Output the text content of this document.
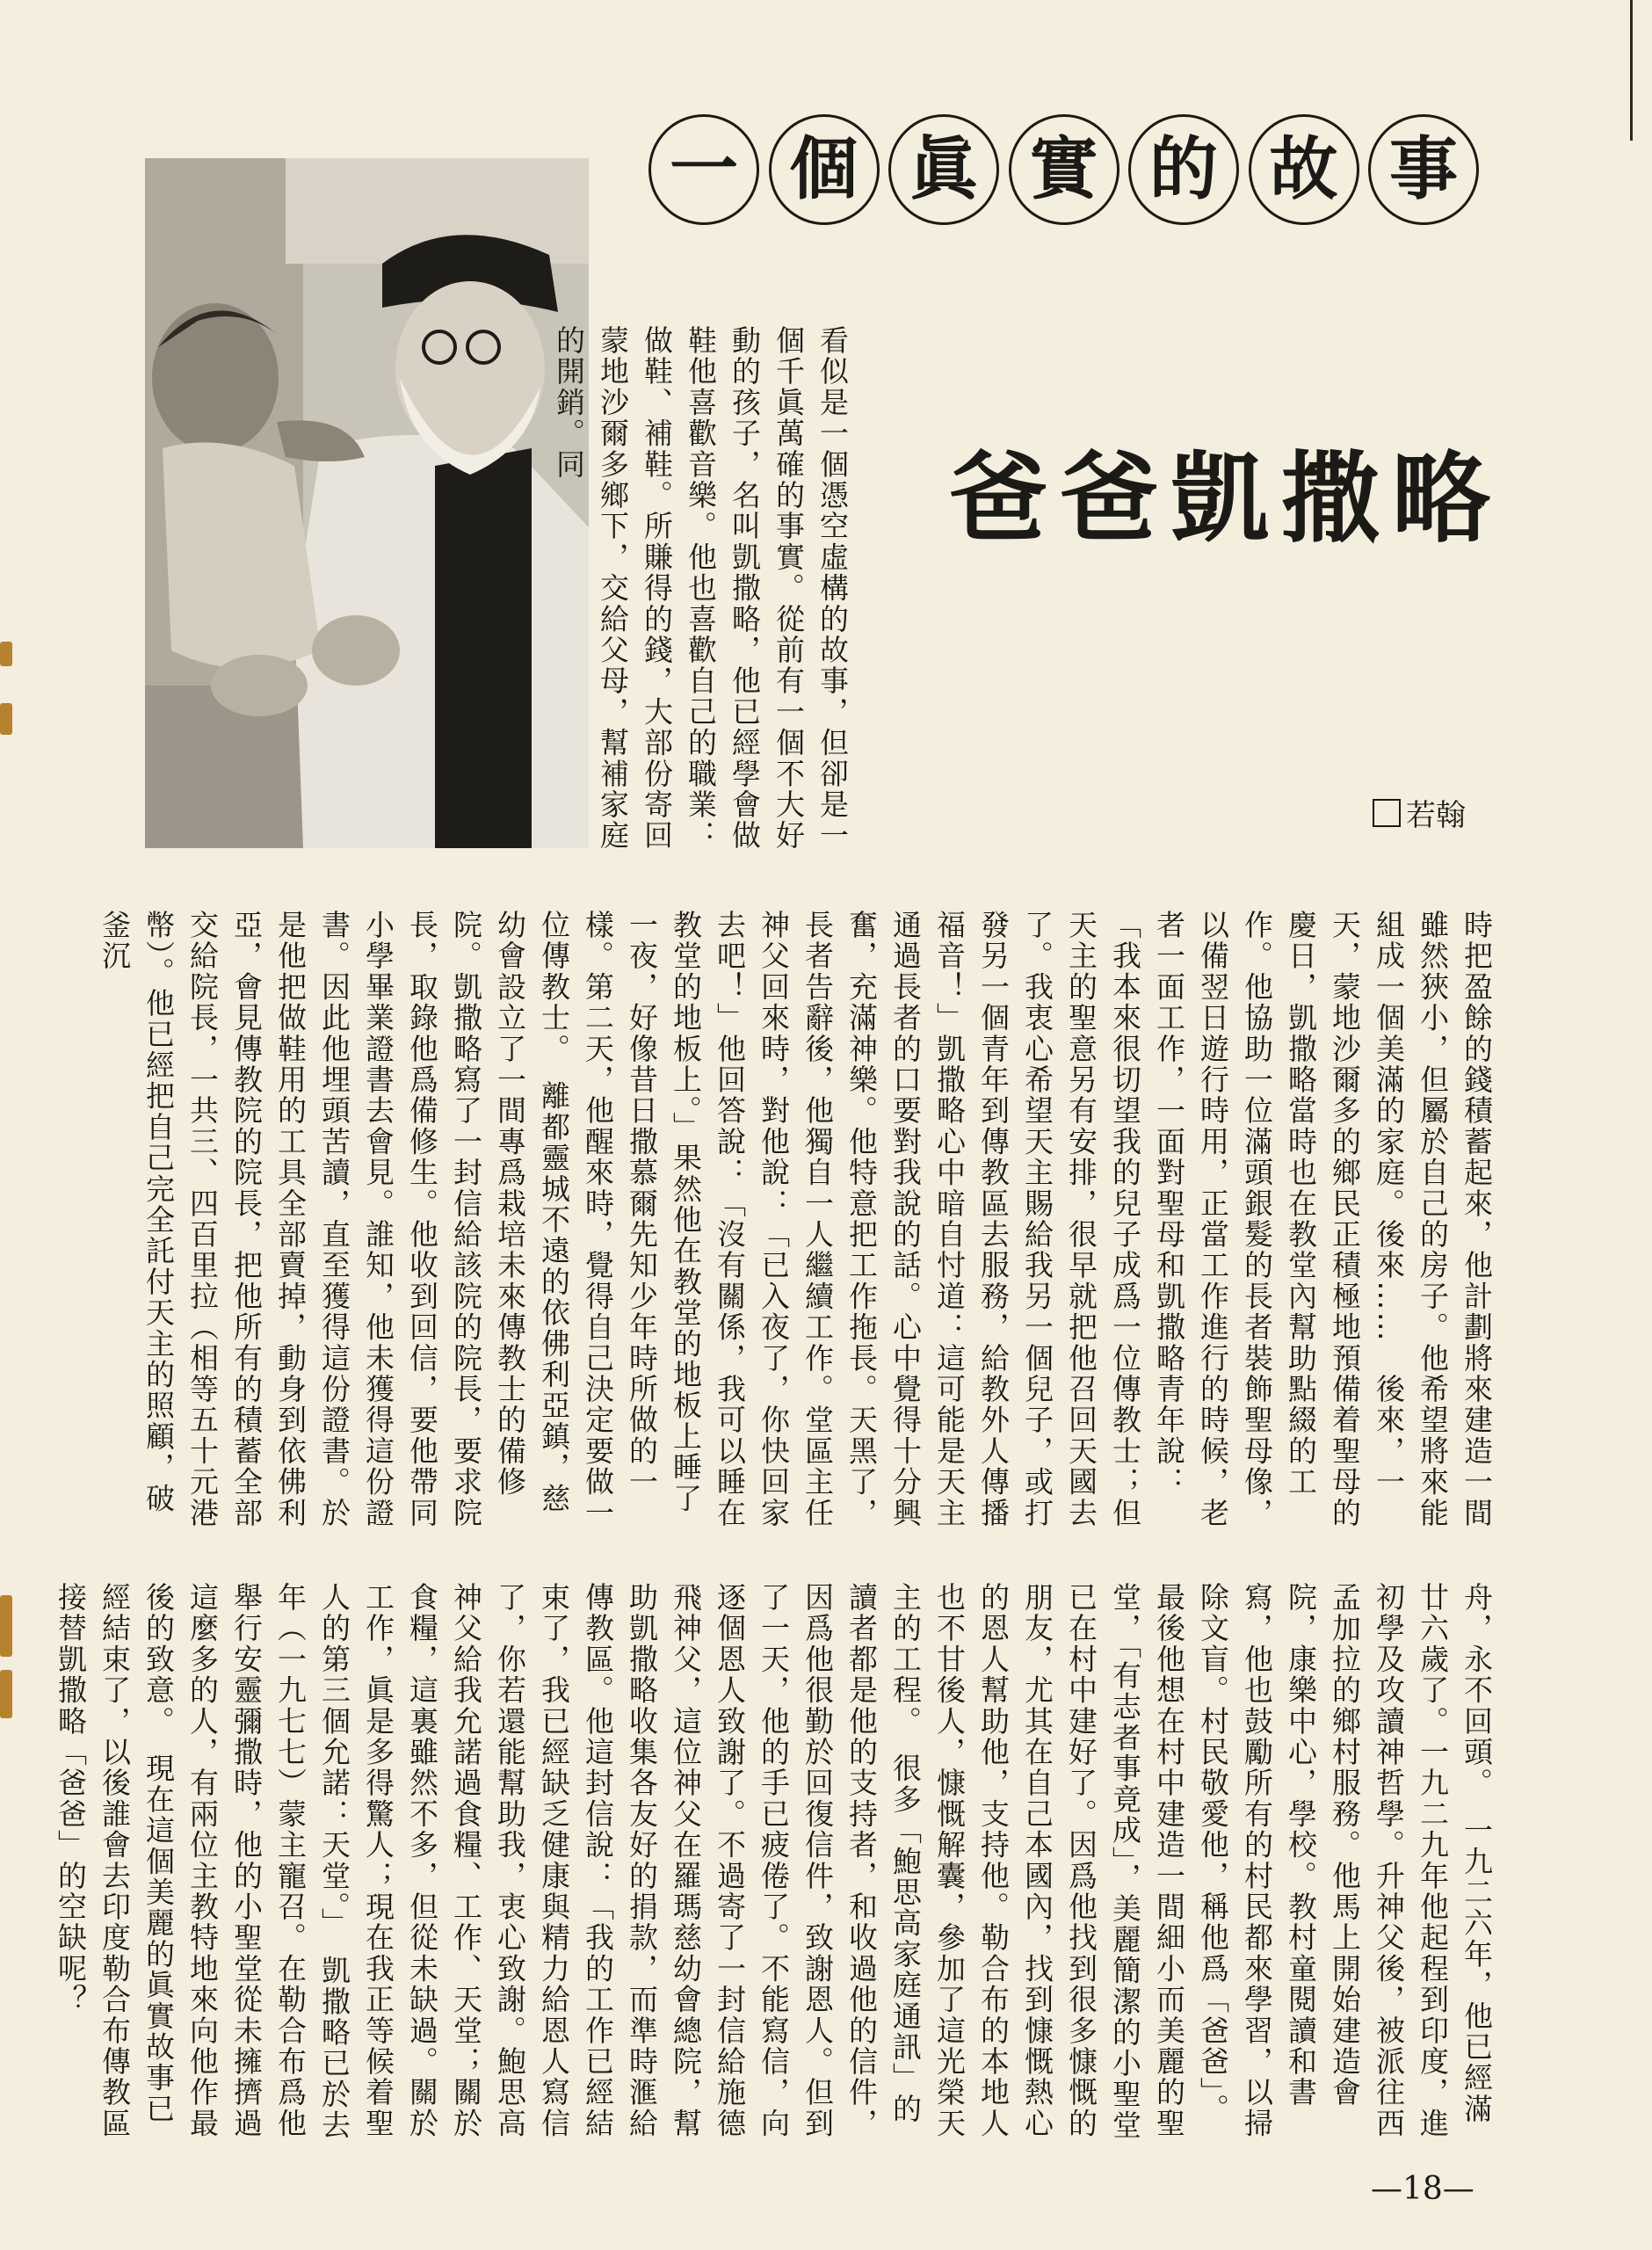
一 個 眞 實 的 故 事
爸爸凱撒略
若翰

看似是一個憑空虛構的故事，但卻是一個千眞萬確的事實。從前有一個不大好動的孩子，名叫凱撒略，他已經學會做鞋他喜歡音樂。他也喜歡自己的職業：做鞋、補鞋。所賺得的錢，大部份寄回蒙地沙爾多鄉下，交給父母，幫補家庭的開銷。同

時把盈餘的錢積蓄起來，他計劃將來建造一間雖然狹小，但屬於自己的房子。他希望將來能組成一個美滿的家庭。後來……　後來，一天，蒙地沙爾多的鄉民正積極地預備着聖母的慶日，凱撒略當時也在教堂內幫助點綴的工作。他協助一位滿頭銀髮的長者裝飾聖母像，以備翌日遊行時用，正當工作進行的時候，老者一面工作，一面對聖母和凱撒略青年說：「我本來很切望我的兒子成爲一位傳教士；但天主的聖意另有安排，很早就把他召回天國去了。我衷心希望天主賜給我另一個兒子，或打發另一個青年到傳教區去服務，給教外人傳播福音！」凱撒略心中暗自忖道：這可能是天主通過長者的口要對我說的話。心中覺得十分興奮，充滿神樂。他特意把工作拖長。天黑了，長者告辭後，他獨自一人繼續工作。堂區主任神父回來時，對他說：「已入夜了，你快回家去吧！」他回答說：「沒有關係，我可以睡在教堂的地板上。」果然他在教堂的地板上睡了一夜，好像昔日撒慕爾先知少年時所做的一樣。第二天，他醒來時，覺得自己決定要做一位傳教士。　離都靈城不遠的依佛利亞鎮，慈幼會設立了一間專爲栽培未來傳教士的備修院。凱撒略寫了一封信給該院的院長，要求院長，取錄他爲備修生。他收到回信，要他帶同小學畢業證書去會見。誰知，他未獲得這份證書。因此他埋頭苦讀，直至獲得這份證書。於是他把做鞋用的工具全部賣掉，動身到依佛利亞，會見傳教院的院長，把他所有的積蓄全部交給院長，一共三、四百里拉（相等五十元港幣）。他已經把自己完全託付天主的照顧，破釜沉

舟，永不回頭。　一九二六年，他已經滿廿六歲了。一九二九年他起程到印度，進初學及攻讀神哲學。升神父後，被派往西孟加拉的鄉村服務。他馬上開始建造會院，康樂中心，學校。教村童閱讀和書寫，他也鼓勵所有的村民都來學習，以掃除文盲。村民敬愛他，稱他爲「爸爸」。最後他想在村中建造一間細小而美麗的聖堂，「有志者事竟成」，美麗簡潔的小聖堂已在村中建好了。因爲他找到很多慷慨的朋友，尤其在自己本國內，找到慷慨熱心的恩人幫助他，支持他。勒合布的本地人也不甘後人，慷慨解囊，參加了這光榮天主的工程。　很多「鮑思高家庭通訊」的讀者都是他的支持者，和收過他的信件，因爲他很勤於回復信件，致謝恩人。但到了一天，他的手已疲倦了。不能寫信，向逐個恩人致謝了。不過寄了一封信給施德飛神父，這位神父在羅瑪慈幼會總院，幫助凱撒略收集各友好的捐款，而準時滙給傳教區。他這封信說：「我的工作已經結束了，我已經缺乏健康與精力給恩人寫信了，你若還能幫助我，衷心致謝。鮑思高神父給我允諾過食糧、工作、天堂；關於食糧，這裏雖然不多，但從未缺過。關於工作，眞是多得驚人；現在我正等候着聖人的第三個允諾：天堂。」　凱撒略已於去年（一九七七）蒙主寵召。在勒合布爲他舉行安靈彌撒時，他的小聖堂從未擁擠過這麼多的人，有兩位主教特地來向他作最後的致意。　現在這個美麗的眞實故事已經結束了，以後誰會去印度勒合布傳教區接替凱撒略「爸爸」的空缺呢？

—18—
